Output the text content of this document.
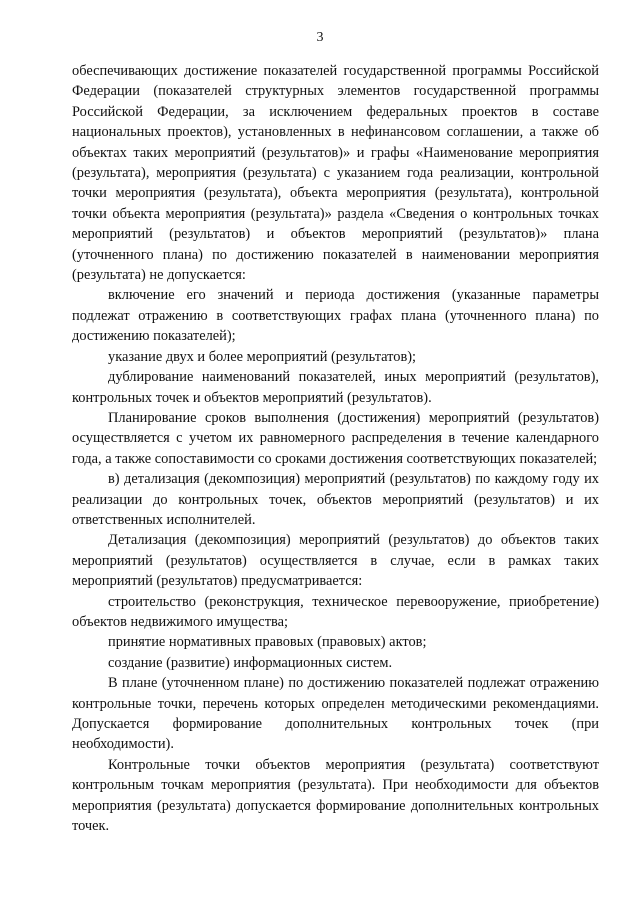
3

обеспечивающих достижение показателей государственной программы Российской Федерации (показателей структурных элементов государственной программы Российской Федерации, за исключением федеральных проектов в составе национальных проектов), установленных в нефинансовом соглашении, а также об объектах таких мероприятий (результатов)» и графы «Наименование мероприятия (результата), мероприятия (результата) с указанием года реализации, контрольной точки мероприятия (результата), объекта мероприятия (результата), контрольной точки объекта мероприятия (результата)» раздела «Сведения о контрольных точках мероприятий (результатов) и объектов мероприятий (результатов)» плана (уточненного плана) по достижению показателей в наименовании мероприятия (результата) не допускается:

включение его значений и периода достижения (указанные параметры подлежат отражению в соответствующих графах плана (уточненного плана) по достижению показателей);

указание двух и более мероприятий (результатов);

дублирование наименований показателей, иных мероприятий (результатов), контрольных точек и объектов мероприятий (результатов).

Планирование сроков выполнения (достижения) мероприятий (результатов) осуществляется с учетом их равномерного распределения в течение календарного года, а также сопоставимости со сроками достижения соответствующих показателей;

в) детализация (декомпозиция) мероприятий (результатов) по каждому году их реализации до контрольных точек, объектов мероприятий (результатов) и их ответственных исполнителей.

Детализация (декомпозиция) мероприятий (результатов) до объектов таких мероприятий (результатов) осуществляется в случае, если в рамках таких мероприятий (результатов) предусматривается:

строительство (реконструкция, техническое перевооружение, приобретение) объектов недвижимого имущества;

принятие нормативных правовых (правовых) актов;

создание (развитие) информационных систем.

В плане (уточненном плане) по достижению показателей подлежат отражению контрольные точки, перечень которых определен методическими рекомендациями. Допускается формирование дополнительных контрольных точек (при необходимости).

Контрольные точки объектов мероприятия (результата) соответствуют контрольным точкам мероприятия (результата). При необходимости для объектов мероприятия (результата) допускается формирование дополнительных контрольных точек.
